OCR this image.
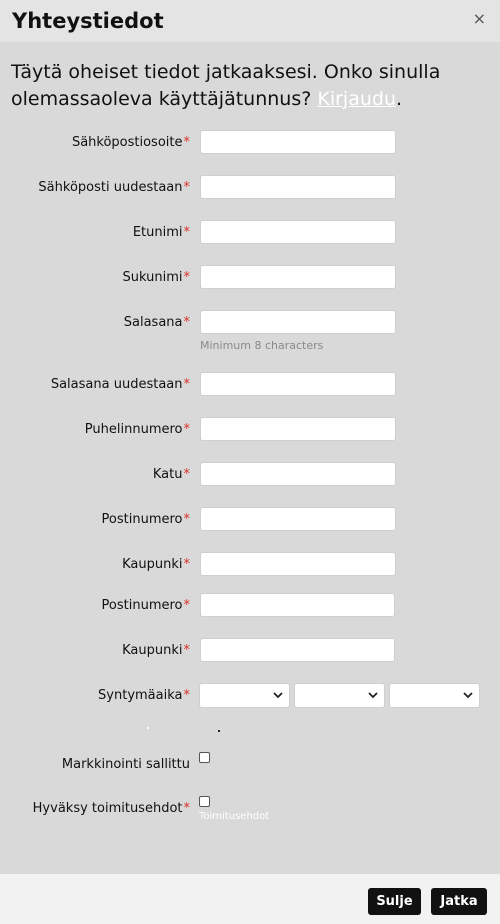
Yhteystiedot	×
Täytä oheiset tiedot jatkaaksesi. Onko sinulla olemassaoleva käyttäjätunnus? Kirjaudu.
Sähköpostiosoite*
Sähköposti uudestaan*
Etunimi*
Sukunimi*
Salasana*
Minimum 8 characters
Salasana uudestaan*
Puhelinnumero*
Katu*
Postinumero*
Kaupunki*
Postinumero*
Kaupunki*
Syntymäaika*
Markkinointi sallittu
Hyväksy toimitusehdot*
Toimitusehdot
Sulje	Jatka
